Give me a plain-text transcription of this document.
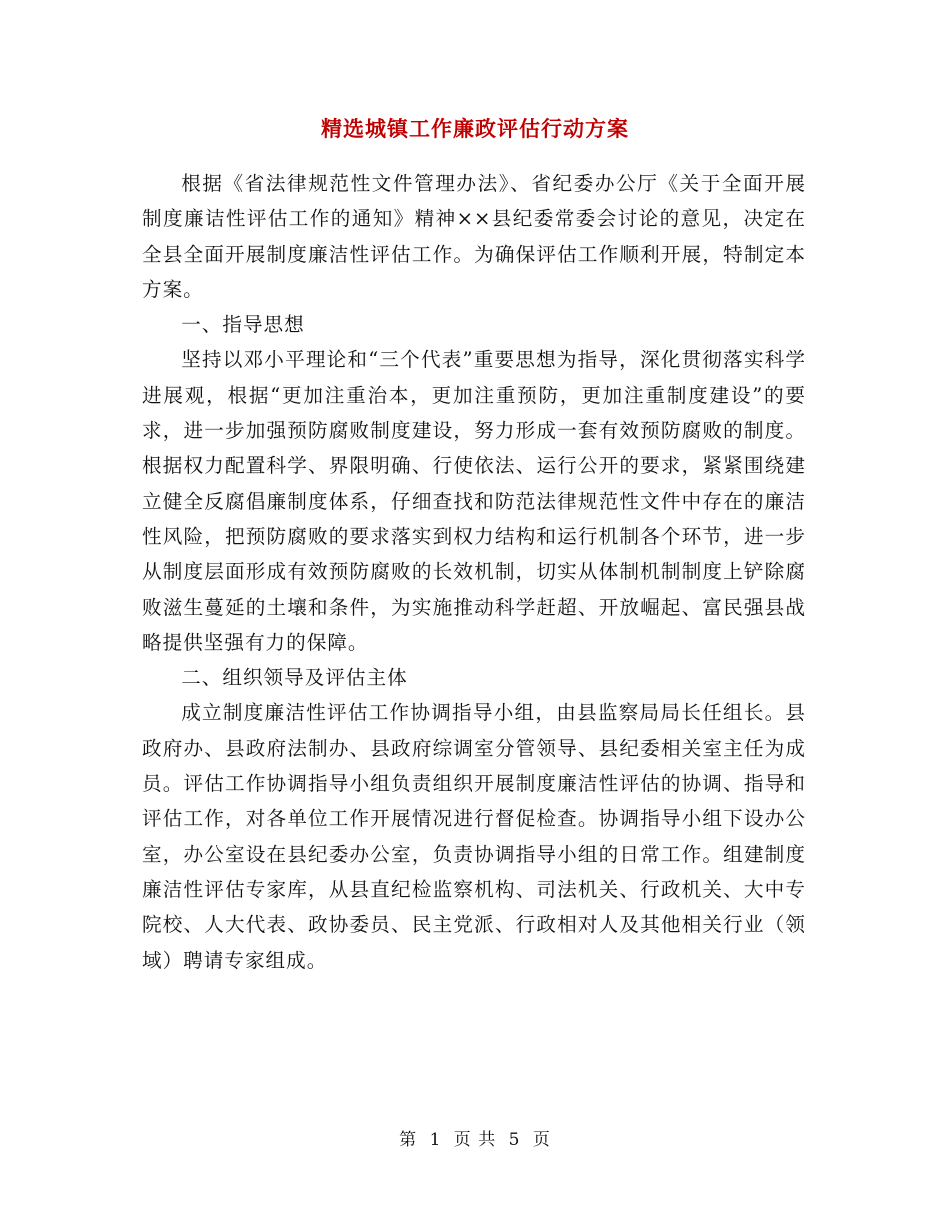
精选城镇工作廉政评估行动方案

根据《省法律规范性文件管理办法》、省纪委办公厅《关于全面开展制度廉诘性评估工作的通知》精神××县纪委常委会讨论的意见，决定在全县全面开展制度廉洁性评估工作。为确保评估工作顺利开展，特制定本方案。

一、指导思想

坚持以邓小平理论和“三个代表”重要思想为指导，深化贯彻落实科学进展观，根据“更加注重治本，更加注重预防，更加注重制度建设”的要求，进一步加强预防腐败制度建设，努力形成一套有效预防腐败的制度。根据权力配置科学、界限明确、行使依法、运行公开的要求，紧紧围绕建立健全反腐倡廉制度体系，仔细查找和防范法律规范性文件中存在的廉洁性风险，把预防腐败的要求落实到权力结构和运行机制各个环节，进一步从制度层面形成有效预防腐败的长效机制，切实从体制机制制度上铲除腐败滋生蔓延的土壤和条件，为实施推动科学赶超、开放崛起、富民强县战略提供坚强有力的保障。

二、组织领导及评估主体

成立制度廉洁性评估工作协调指导小组，由县监察局局长任组长。县政府办、县政府法制办、县政府综调室分管领导、县纪委相关室主任为成员。评估工作协调指导小组负责组织开展制度廉洁性评估的协调、指导和评估工作，对各单位工作开展情况进行督促检查。协调指导小组下设办公室，办公室设在县纪委办公室，负责协调指导小组的日常工作。组建制度廉洁性评估专家库，从县直纪检监察机构、司法机关、行政机关、大中专院校、人大代表、政协委员、民主党派、行政相对人及其他相关行业（领域）聘请专家组成。

第 1 页 共 5 页
